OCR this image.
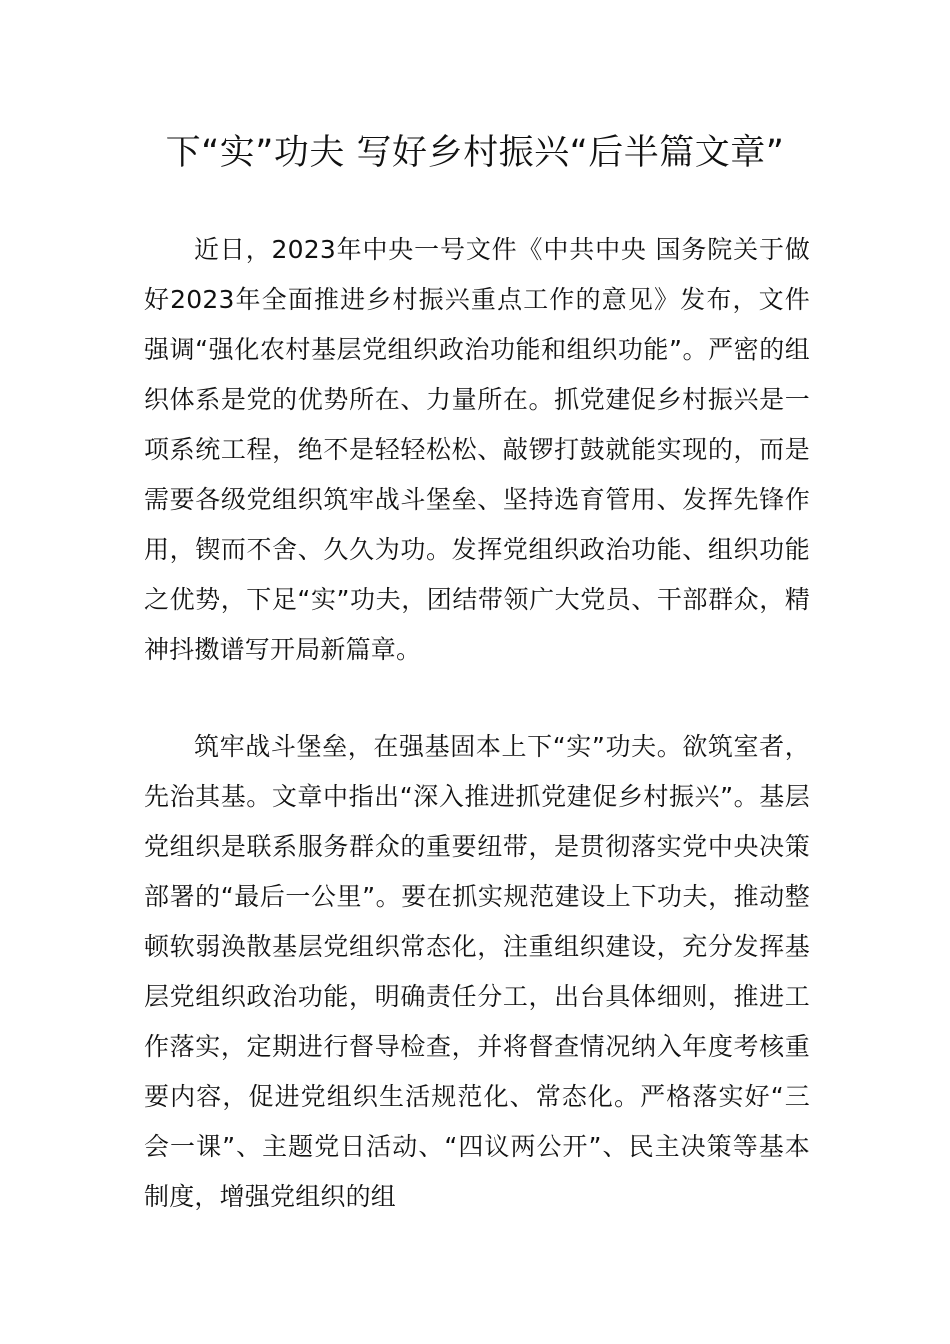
下“实”功夫 写好乡村振兴“后半篇文章”

近日，2023年中央一号文件《中共中央 国务院关于做好2023年全面推进乡村振兴重点工作的意见》发布，文件强调“强化农村基层党组织政治功能和组织功能”。严密的组织体系是党的优势所在、力量所在。抓党建促乡村振兴是一项系统工程，绝不是轻轻松松、敲锣打鼓就能实现的，而是需要各级党组织筑牢战斗堡垒、坚持选育管用、发挥先锋作用，锲而不舍、久久为功。发挥党组织政治功能、组织功能之优势，下足“实”功夫，团结带领广大党员、干部群众，精神抖擞谱写开局新篇章。

筑牢战斗堡垒，在强基固本上下“实”功夫。欲筑室者，先治其基。文章中指出“深入推进抓党建促乡村振兴”。基层党组织是联系服务群众的重要纽带，是贯彻落实党中央决策部署的“最后一公里”。要在抓实规范建设上下功夫，推动整顿软弱涣散基层党组织常态化，注重组织建设，充分发挥基层党组织政治功能，明确责任分工，出台具体细则，推进工作落实，定期进行督导检查，并将督查情况纳入年度考核重要内容，促进党组织生活规范化、常态化。严格落实好“三会一课”、主题党日活动、“四议两公开”、民主决策等基本制度，增强党组织的组
